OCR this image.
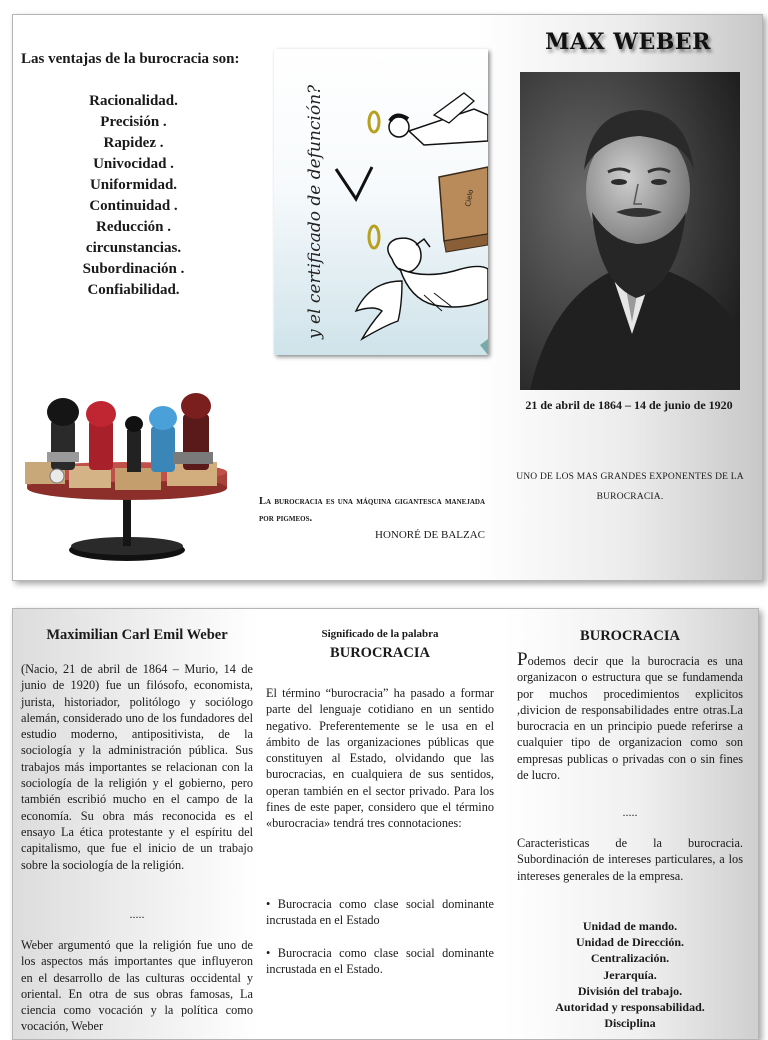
Las ventajas de la burocracia son:
Racionalidad.
Precisión .
Rapidez .
Univocidad .
Uniformidad.
Continuidad .
Reducción .
circunstancias.
Subordinación .
Confiabilidad.	y el certificado de defunción?	Cielo
MAX WEBER
21 de abril de 1864 – 14 de junio de 1920
UNO DE LOS MAS GRANDES EXPONENTES DE LA
BUROCRACIA.
La burocracia es una máquina gigantesca manejada por pigmeos.
HONORÉ DE BALZAC
Maximilian Carl Emil Weber

(Nacio, 21 de abril de 1864 – Murio, 14 de junio de 1920) fue un filósofo, economista, jurista, historiador, politólogo y sociólogo alemán, considerado uno de los fundadores del estudio moderno, antipositivista, de la sociología y la administración pública. Sus trabajos más importantes se relacionan con la sociología de la religión y el gobierno, pero también escribió mucho en el campo de la economía. Su obra más reconocida es el ensayo La ética protestante y el espíritu del capitalismo, que fue el inicio de un trabajo sobre la sociología de la religión.

.....

Weber argumentó que la religión fue uno de los aspectos más importantes que influyeron en el desarrollo de las culturas occidental y oriental. En otra de sus obras famosas, La ciencia como vocación y la política como vocación, Weber

Significado de la palabra
BUROCRACIA

El término “burocracia” ha pasado a formar parte del lenguaje cotidiano en un sentido negativo. Preferentemente se le usa en el ámbito de las organizaciones públicas que constituyen al Estado, olvidando que las burocracias, en cualquiera de sus sentidos, operan también en el sector privado. Para los fines de este paper, considero que el término «burocracia» tendrá tres connotaciones:

• Burocracia como clase social dominante incrustada en el Estado

• Burocracia como clase social dominante incrustada en el Estado.

BUROCRACIA

Podemos decir que la burocracia es una organizacon o estructura que se fundamenda por muchos procedimientos explicitos ,divicion de responsabilidades entre otras.La burocracia en un principio puede referirse a cualquier tipo de organizacion como son empresas publicas o privadas con o sin fines de lucro.

.....

Caracteristicas de la burocracia. Subordinación de intereses particulares, a los intereses generales de la empresa.

Unidad de mando.
Unidad de Dirección.
Centralización.
Jerarquía.
División del trabajo.
Autoridad y responsabilidad.
Disciplina
